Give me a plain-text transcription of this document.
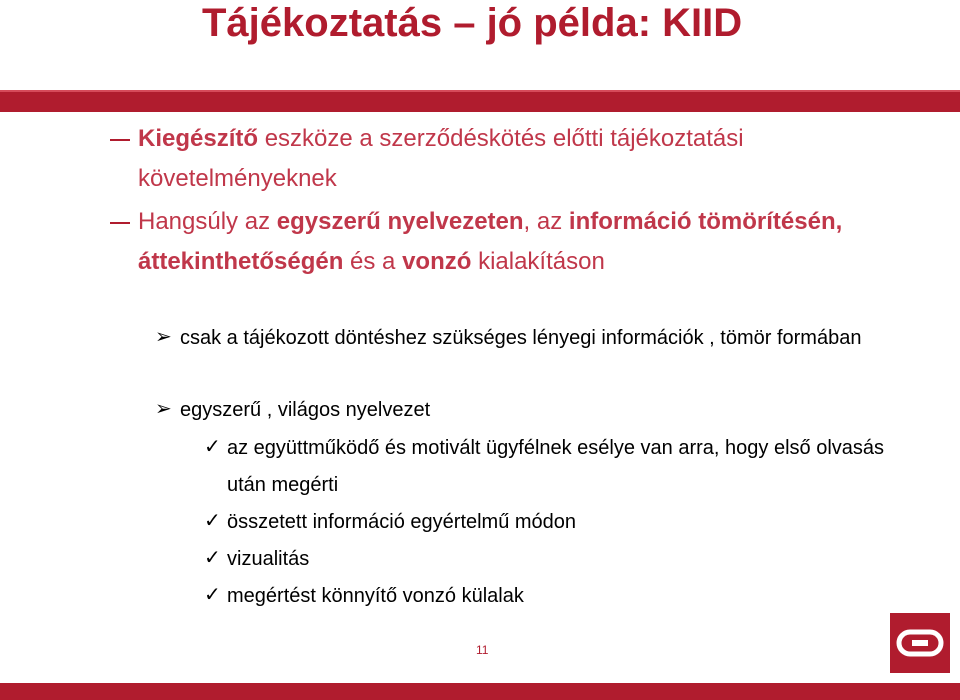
Tájékoztatás – jó példa: KIID
Kiegészítő eszköze a szerződéskötés előtti tájékoztatási követelményeknek
Hangsúly az egyszerű nyelvezeten, az információ tömörítésén, áttekinthetőségén és a vonzó kialakításon
➢ csak a tájékozott döntéshez szükséges lényegi információk , tömör formában
➢ egyszerű , világos nyelvezet
✓ az együttműködő és motivált ügyfélnek esélye van arra, hogy első olvasás után megérti
✓ összetett információ egyértelmű módon
✓ vizualitás
✓ megértést könnyítő vonzó külalak
11
